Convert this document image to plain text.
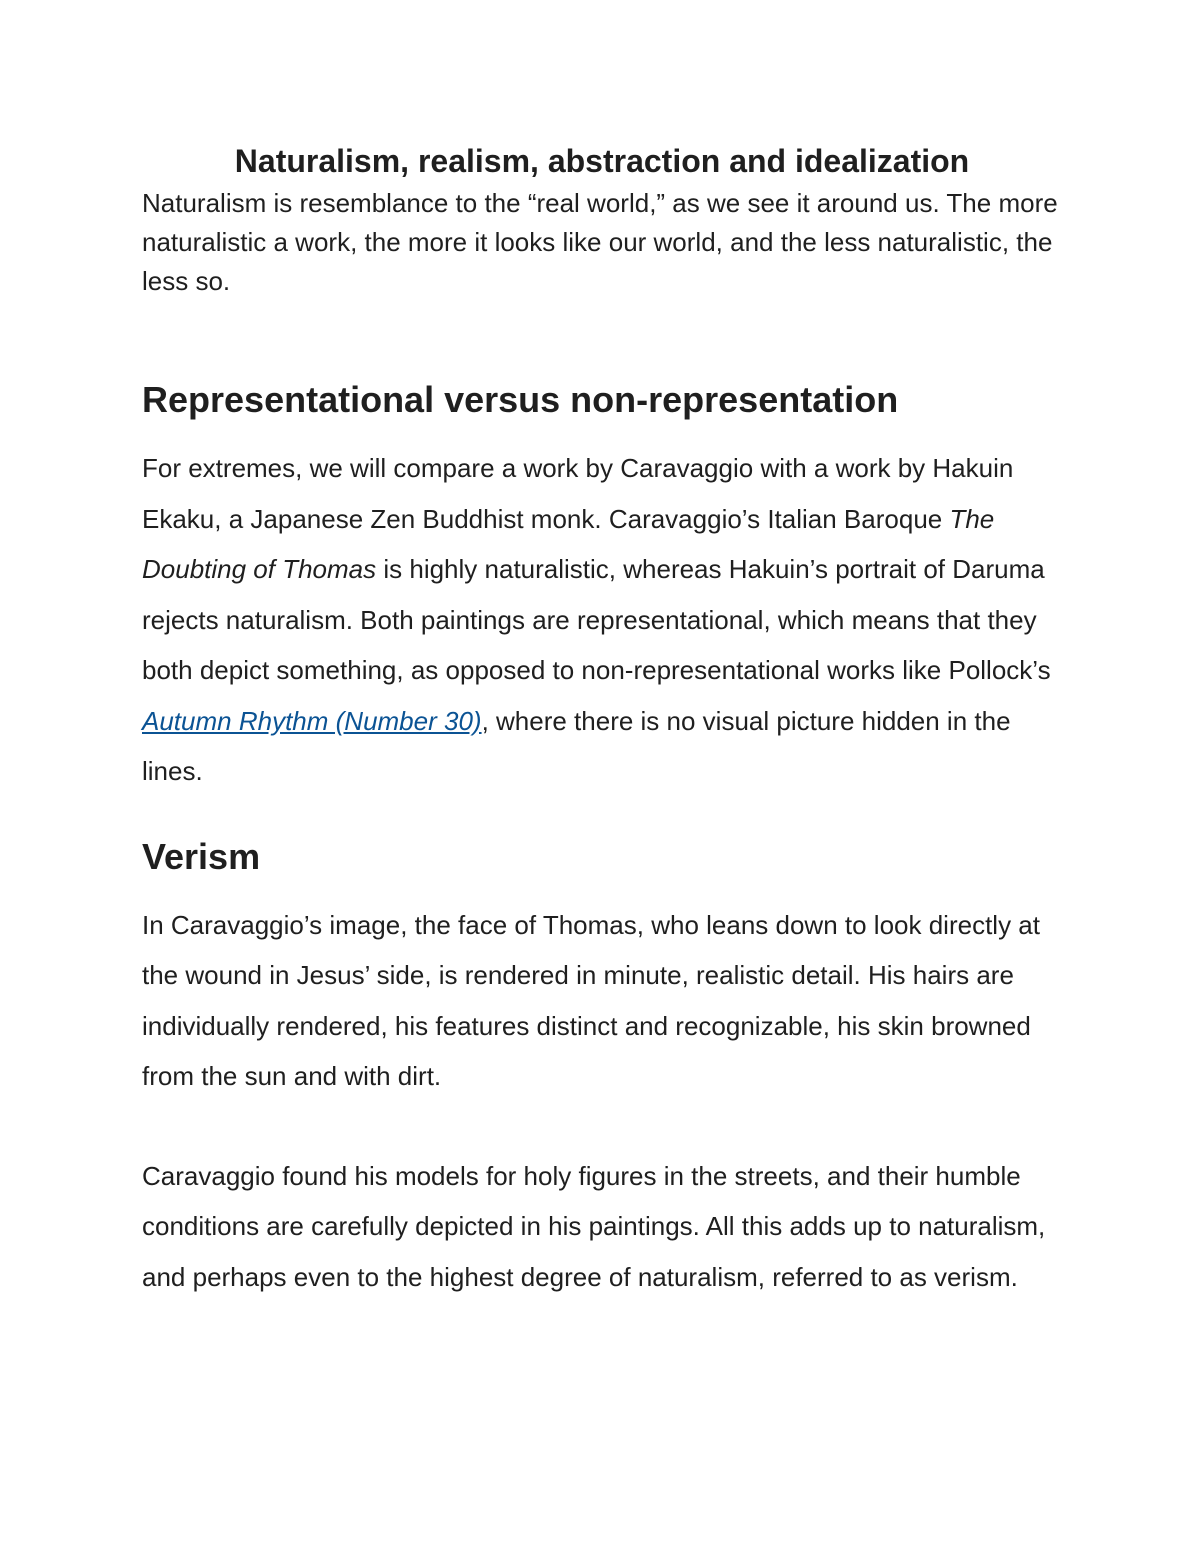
Naturalism, realism, abstraction and idealization

Naturalism is resemblance to the “real world,” as we see it around us. The more naturalistic a work, the more it looks like our world, and the less naturalistic, the less so.

Representational versus non-representation

For extremes, we will compare a work by Caravaggio with a work by Hakuin Ekaku, a Japanese Zen Buddhist monk. Caravaggio’s Italian Baroque The Doubting of Thomas is highly naturalistic, whereas Hakuin’s portrait of Daruma rejects naturalism. Both paintings are representational, which means that they both depict something, as opposed to non-representational works like Pollock’s Autumn Rhythm (Number 30), where there is no visual picture hidden in the lines.

Verism

In Caravaggio’s image, the face of Thomas, who leans down to look directly at the wound in Jesus’ side, is rendered in minute, realistic detail. His hairs are individually rendered, his features distinct and recognizable, his skin browned from the sun and with dirt.

Caravaggio found his models for holy figures in the streets, and their humble conditions are carefully depicted in his paintings. All this adds up to naturalism, and perhaps even to the highest degree of naturalism, referred to as verism.
